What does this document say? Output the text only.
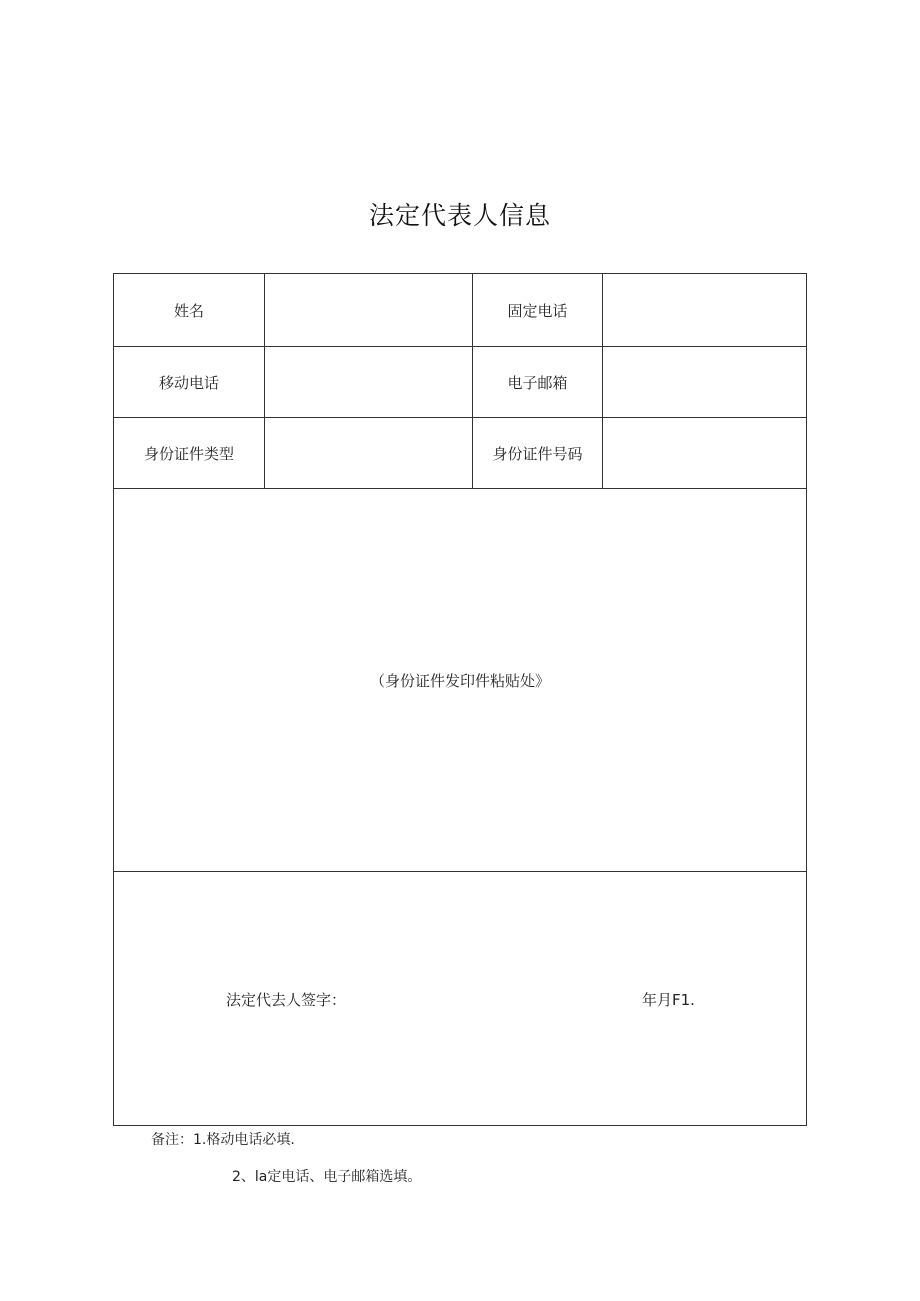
法定代表人信息
姓名		固定电话	
移动电话		电子邮箱	
身份证件类型		身份证件号码	
（身份证件发印件粘贴处》			

法定代去人签字： 年月F1.			
备注：1.格动电话必填.
2、la定电话、电子邮箱选填。
